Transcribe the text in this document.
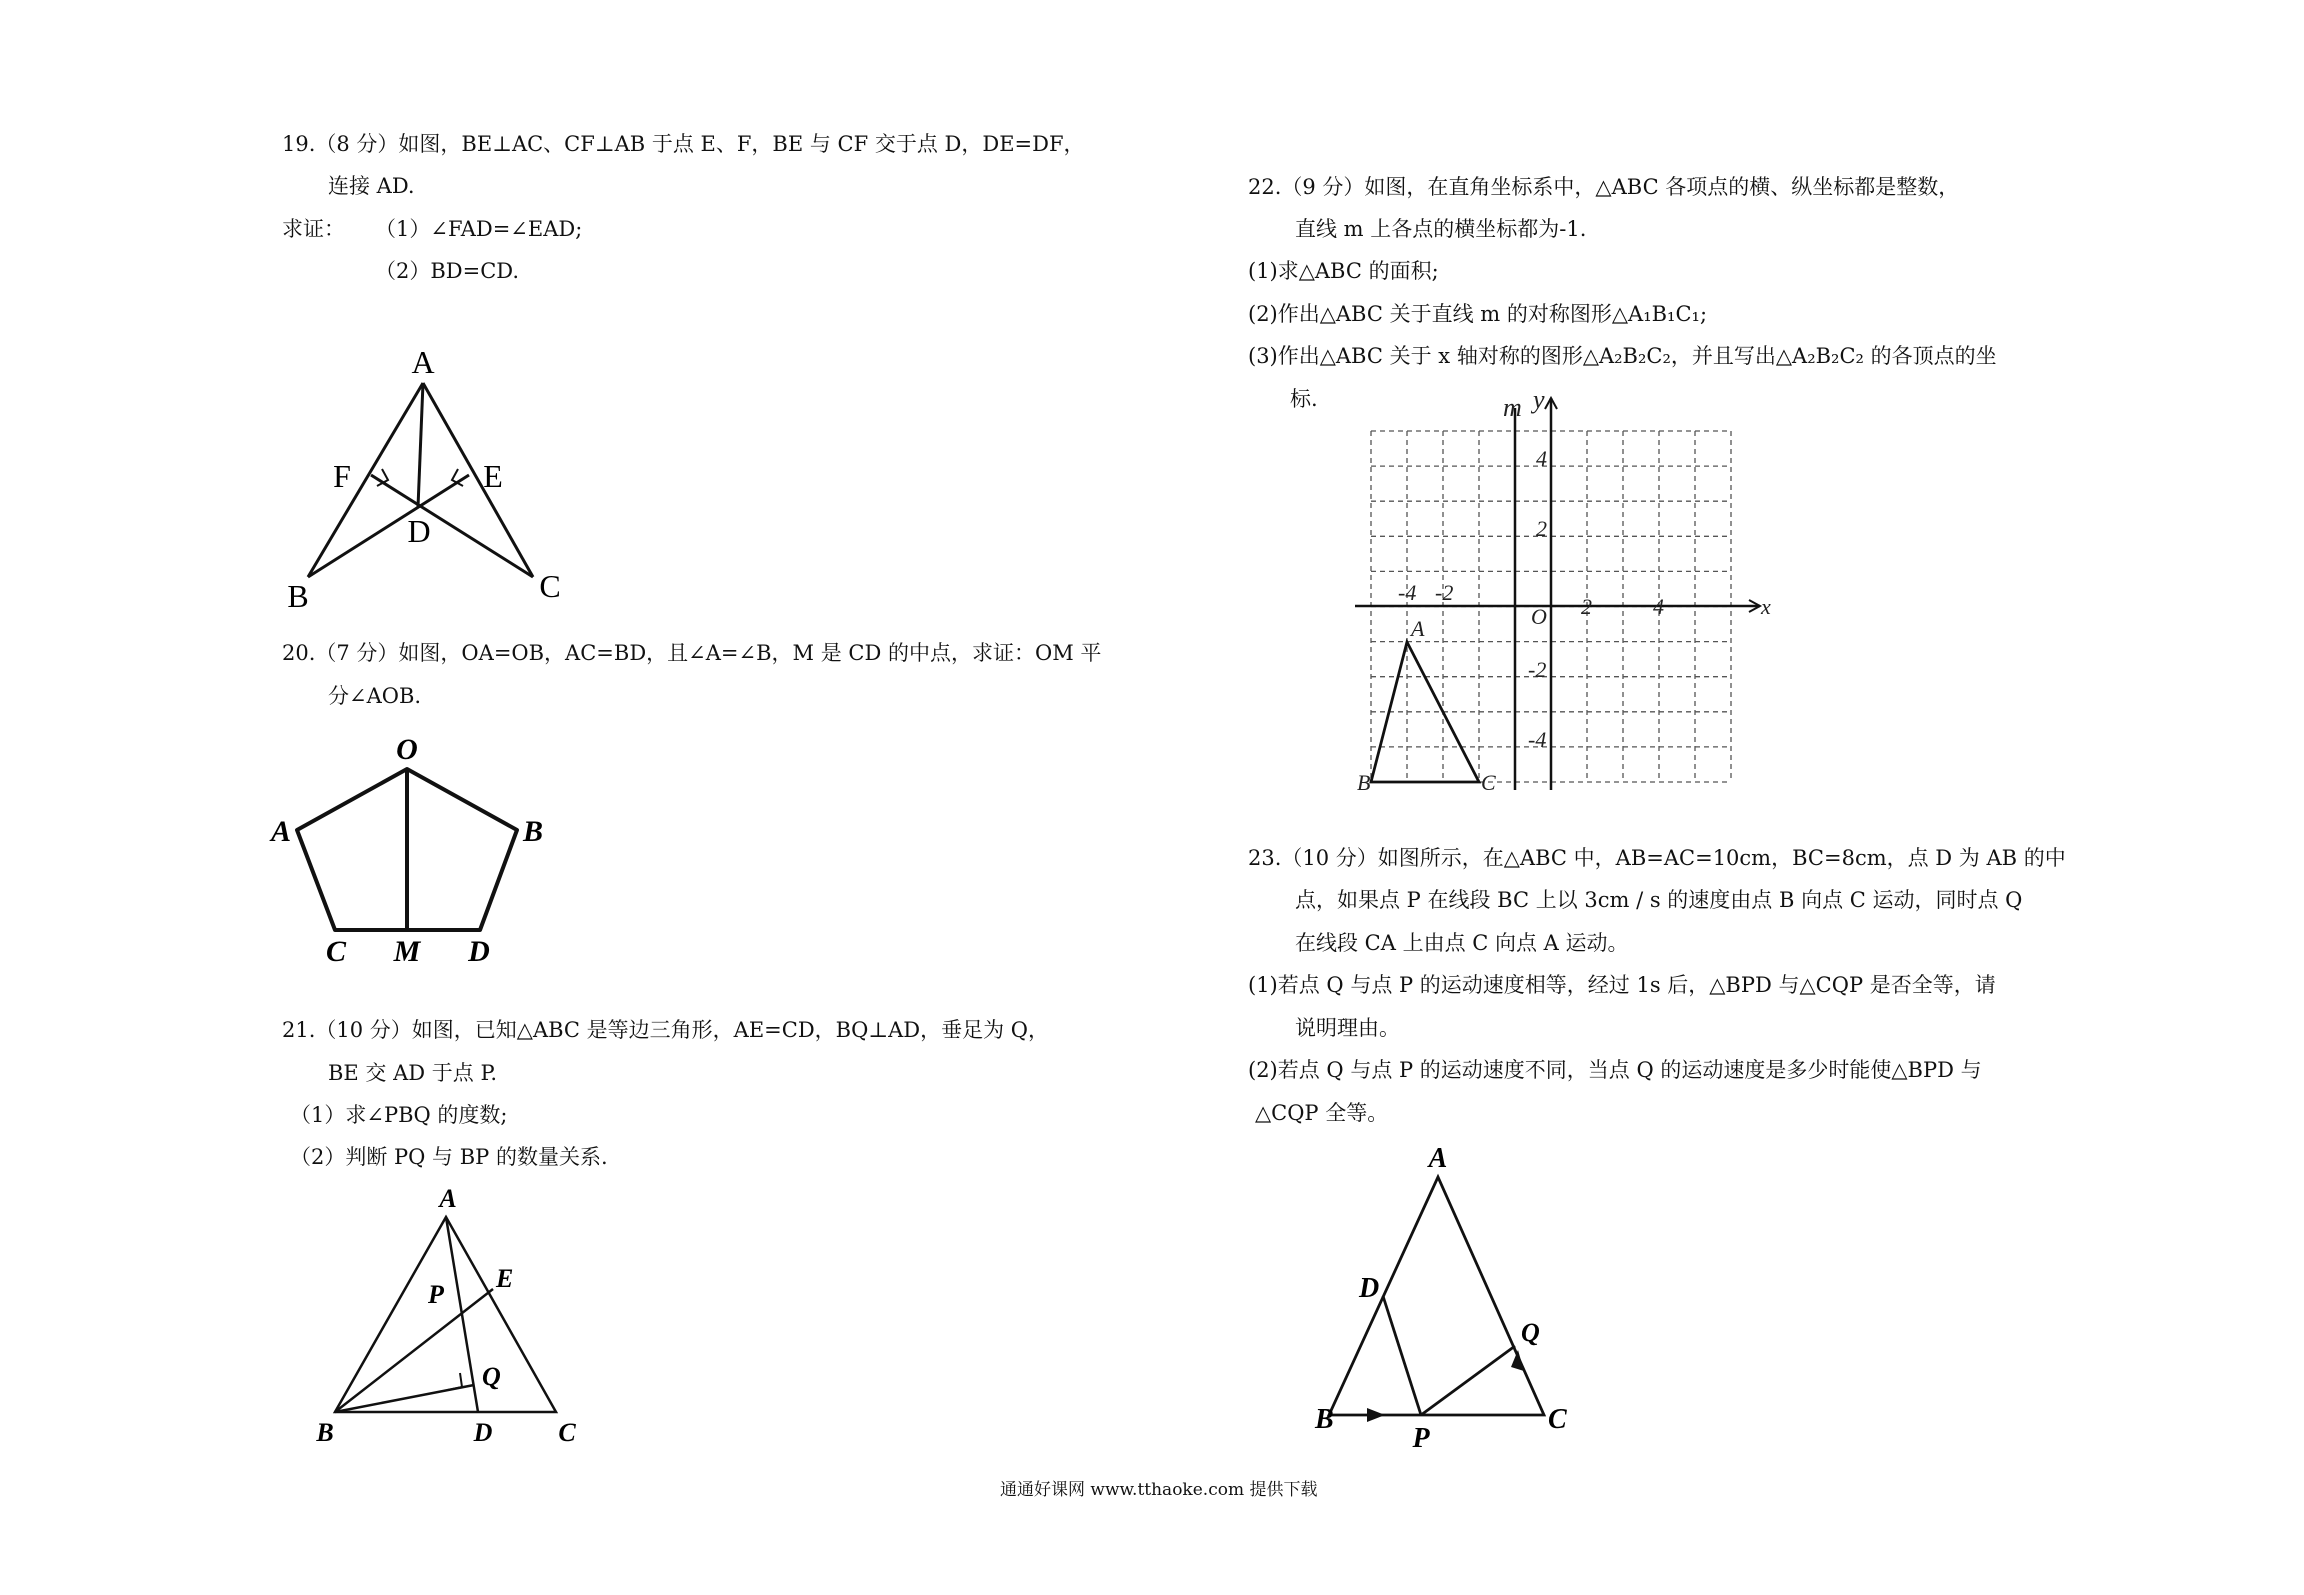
19.（8 分）如图，BE⊥AC、CF⊥AB 于点 E、F，BE 与 CF 交于点 D，DE=DF，
连接 AD.
求证： （1）∠FAD=∠EAD;
（2）BD=CD.
A
F	E
D
B	C
20.（7 分）如图，OA=OB，AC=BD，且∠A=∠B，M 是 CD 的中点，求证：OM 平
分∠AOB.
O
A	B
C M D
21.（10 分）如图，已知△ABC 是等边三角形，AE=CD，BQ⊥AD，垂足为 Q，
BE 交 AD 于点 P.
（1）求∠PBQ 的度数;
（2）判断 PQ 与 BP 的数量关系.
A
E
P
Q
B	D	C
22.（9 分）如图，在直角坐标系中，△ABC 各项点的横、纵坐标都是整数，
直线 m 上各点的横坐标都为-1.
(1)求△ABC 的面积;
(2)作出△ABC 关于直线 m 的对称图形△A₁B₁C₁;
(3)作出△ABC 关于 x 轴对称的图形△A₂B₂C₂，并且写出△A₂B₂C₂ 的各顶点的坐
标.	m y
x
O
-4 -2
2	4
4
2
-2
-4
A
B	C
23.（10 分）如图所示，在△ABC 中，AB=AC=10cm，BC=8cm，点 D 为 AB 的中
点，如果点 P 在线段 BC 上以 3cm / s 的速度由点 B 向点 C 运动，同时点 Q
在线段 CA 上由点 C 向点 A 运动。
(1)若点 Q 与点 P 的运动速度相等，经过 1s 后，△BPD 与△CQP 是否全等，请
说明理由。
(2)若点 Q 与点 P 的运动速度不同，当点 Q 的运动速度是多少时能使△BPD 与
△CQP 全等。
A
D
Q
B
P
C
通通好课网 www.tthaoke.com 提供下载
